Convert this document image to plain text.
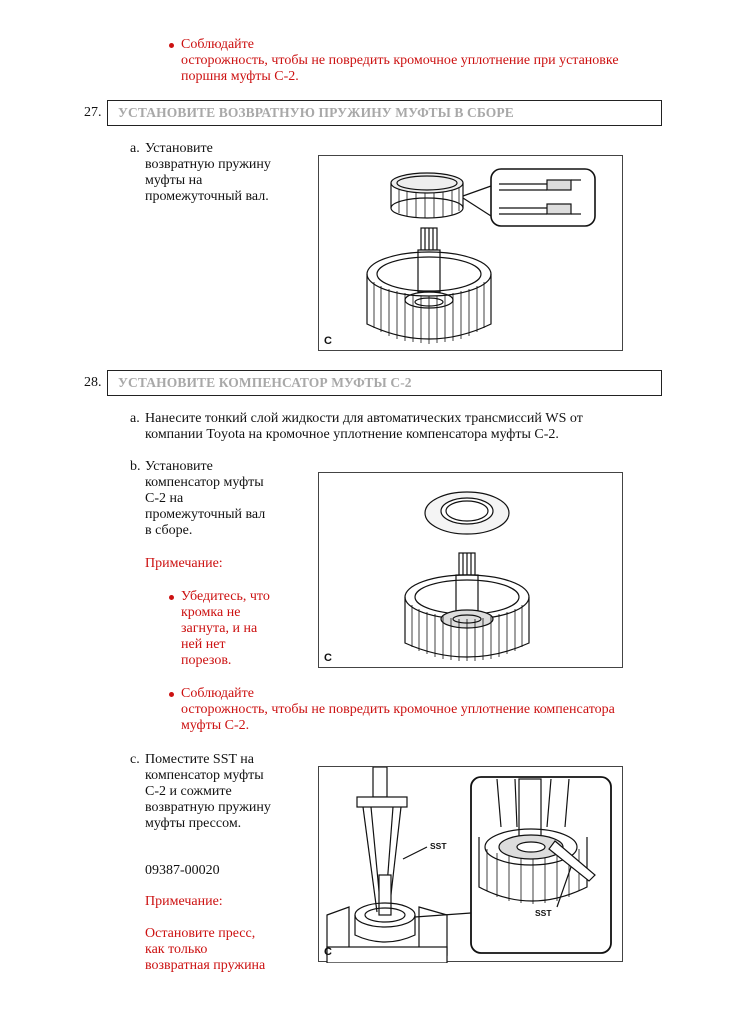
Соблюдайте
осторожность, чтобы не повредить кромочное уплотнение при установке
поршня муфты C-2.
27.	УСТАНОВИТЕ ВОЗВРАТНУЮ ПРУЖИНУ МУФТЫ В СБОРЕ
a. Установите
возвратную пружину
муфты на
промежуточный вал.
C
28.	УСТАНОВИТЕ КОМПЕНСАТОР МУФТЫ C-2
a. Нанесите тонкий слой жидкости для автоматических трансмиссий WS от
компании Toyota на кромочное уплотнение компенсатора муфты C-2.
b. Установите
компенсатор муфты
C-2 на
промежуточный вал
в сборе.
Примечание:
Убедитесь, что
кромка не
загнута, и на
ней нет
порезов.
Соблюдайте
осторожность, чтобы не повредить кромочное уплотнение компенсатора
муфты C-2.
C
c. Поместите SST на
компенсатор муфты
C-2 и сожмите
возвратную пружину
муфты прессом.
09387-00020
Примечание:
Остановите пресс,
как только
возвратная пружина
SST
SST
C
